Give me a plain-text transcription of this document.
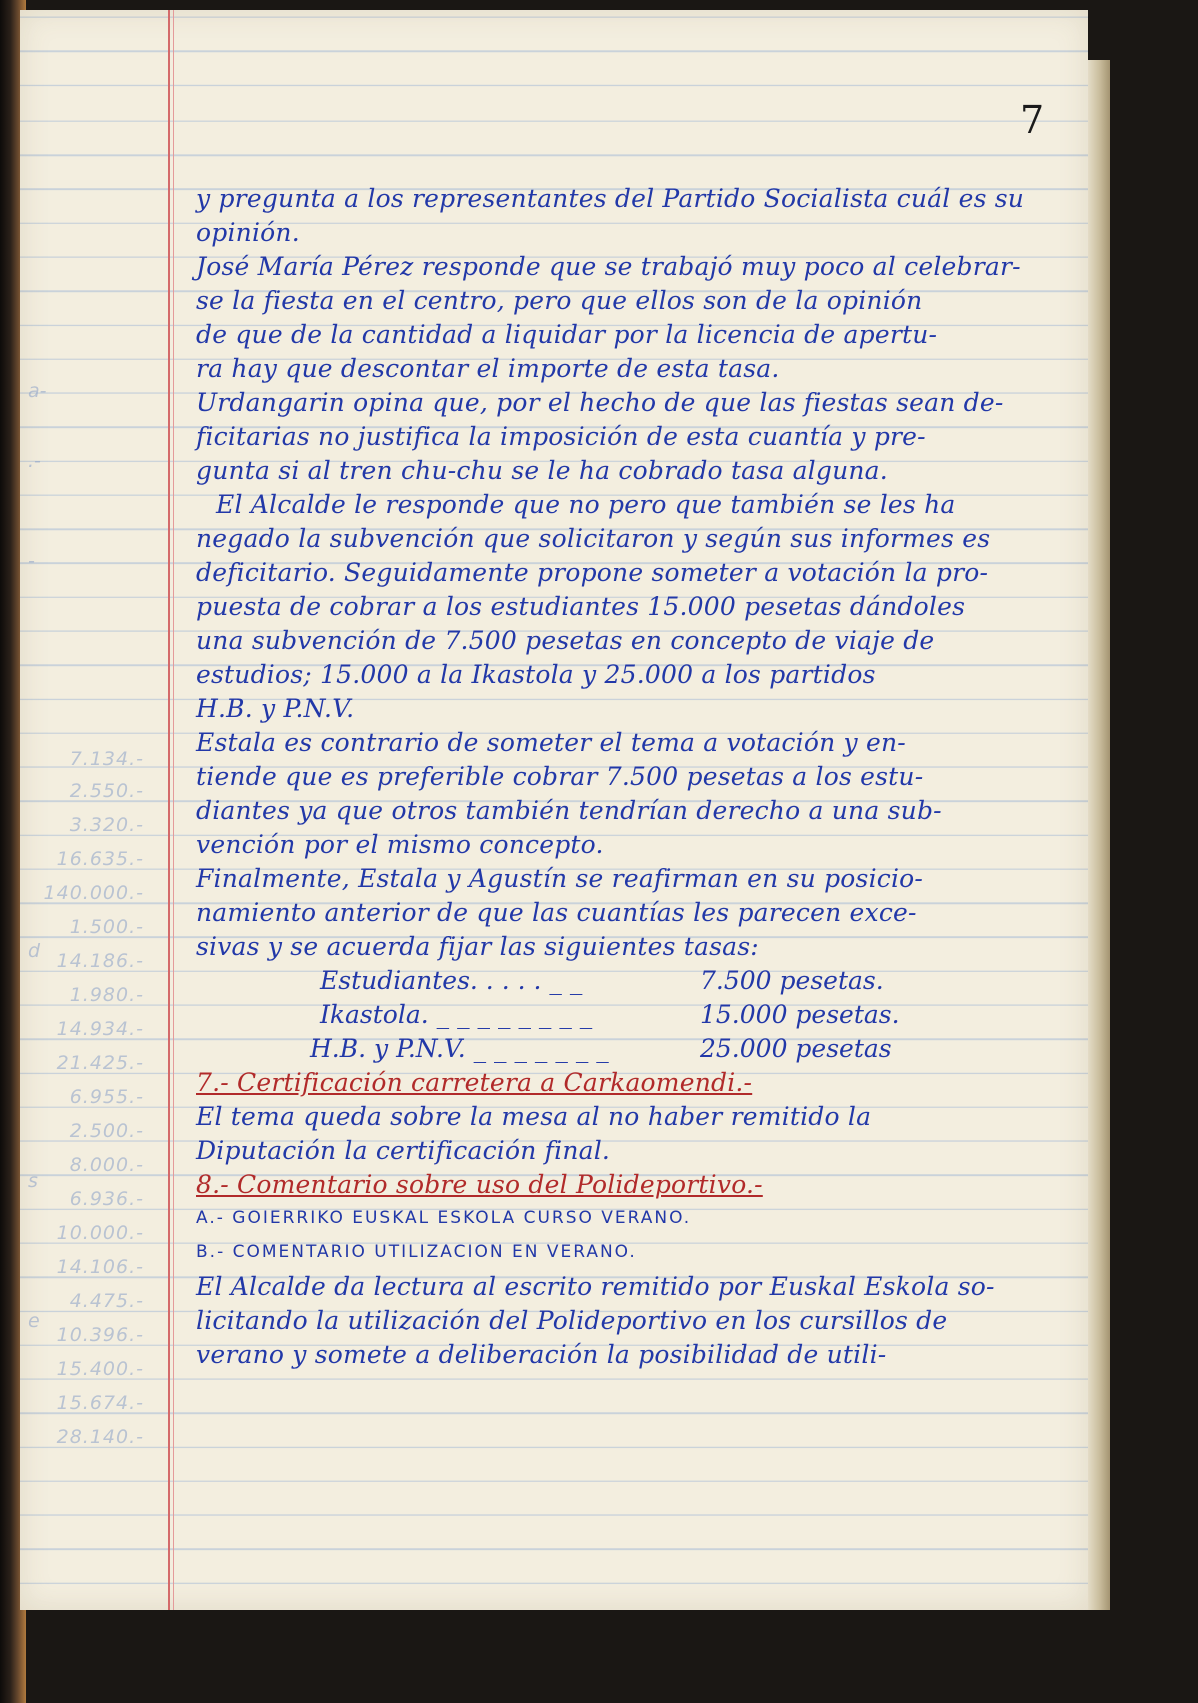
a-
.-
-
d
s
e
7.134.-
2.550.-
3.320.-
16.635.-
140.000.-
1.500.-
14.186.-
1.980.-
14.934.-
21.425.-
6.955.-
2.500.-
8.000.-
6.936.-
10.000.-
14.106.-
4.475.-
10.396.-
15.400.-
15.674.-
28.140.-
7
y pregunta a los representantes del Partido Socialista cuál es su
opinión.
José María Pérez responde que se trabajó muy poco al celebrar-
se la fiesta en el centro, pero que ellos son de la opinión
de que de la cantidad a liquidar por la licencia de apertu-
ra hay que descontar el importe de esta tasa.
Urdangarin opina que, por el hecho de que las fiestas sean de-
ficitarias no justifica la imposición de esta cuantía y pre-
gunta si al tren chu-chu se le ha cobrado tasa alguna.
El Alcalde le responde que no pero que también se les ha
negado la subvención que solicitaron y según sus informes es
deficitario. Seguidamente propone someter a votación la pro-
puesta de cobrar a los estudiantes 15.000 pesetas dándoles
una subvención de 7.500 pesetas en concepto de viaje de
estudios; 15.000 a la Ikastola y 25.000 a los partidos
H.B. y P.N.V.
Estala es contrario de someter el tema a votación y en-
tiende que es preferible cobrar 7.500 pesetas a los estu-
diantes ya que otros también tendrían derecho a una sub-
vención por el mismo concepto.
Finalmente, Estala y Agustín se reafirman en su posicio-
namiento anterior de que las cuantías les parecen exce-
sivas y se acuerda fijar las siguientes tasas:
Estudiantes. . . . . _ _	7.500 pesetas.
Ikastola. _ _ _ _ _ _ _ _	15.000 pesetas.
H.B. y P.N.V. _ _ _ _ _ _ _	25.000 pesetas
7.- Certificación carretera a Carkaomendi.-
El tema queda sobre la mesa al no haber remitido la
Diputación la certificación final.
8.- Comentario sobre uso del Polideportivo.-
A.- GOIERRIKO EUSKAL ESKOLA CURSO VERANO.
B.- COMENTARIO UTILIZACION EN VERANO.
El Alcalde da lectura al escrito remitido por Euskal Eskola so-
licitando la utilización del Polideportivo en los cursillos de
verano y somete a deliberación la posibilidad de utili-
